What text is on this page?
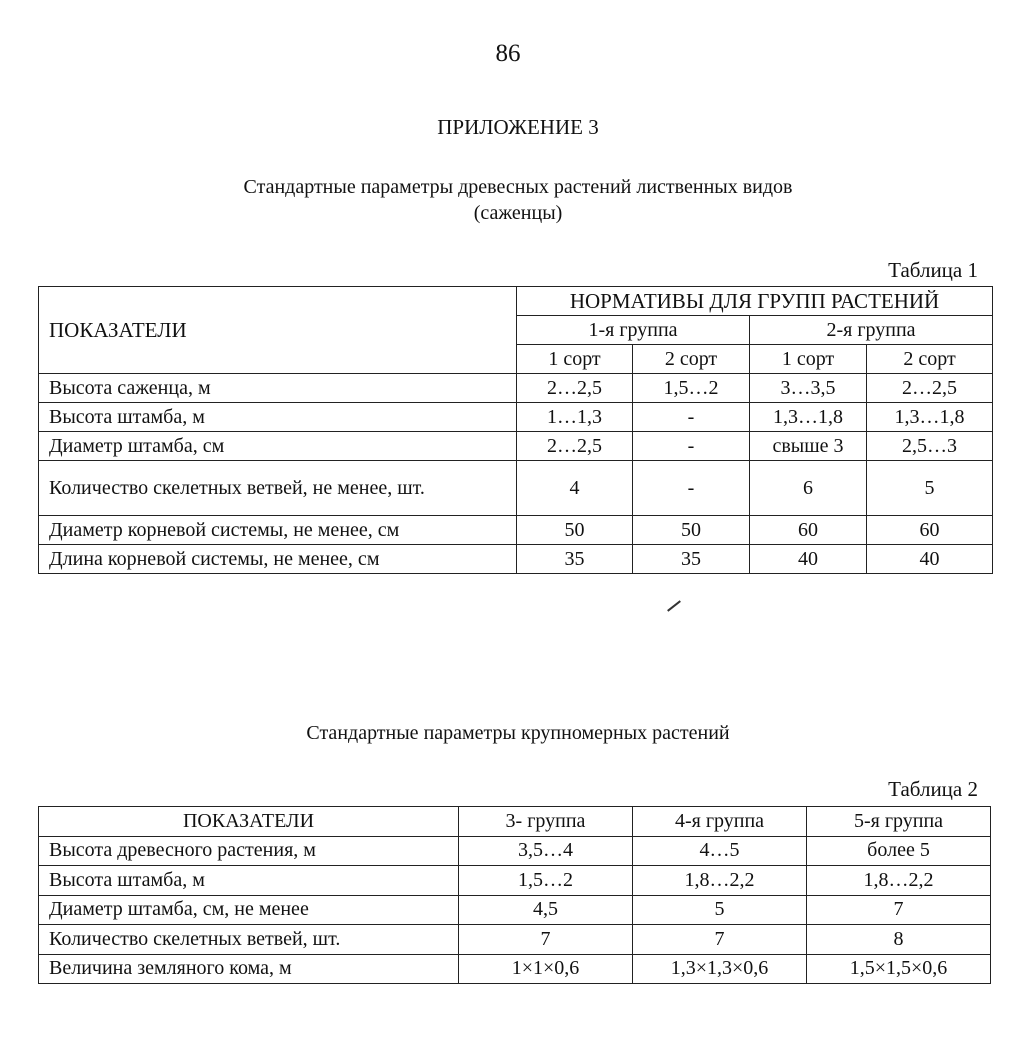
86
ПРИЛОЖЕНИЕ 3
Стандартные параметры древесных растений лиственных видов
(саженцы)
Таблица 1
ПОКАЗАТЕЛИ	НОРМАТИВЫ ДЛЯ ГРУПП РАСТЕНИЙ			
	1-я группа		2-я группа	
	1 сорт	2 сорт	1 сорт	2 сорт
Высота саженца, м	2…2,5	1,5…2	3…3,5	2…2,5
Высота штамба, м	1…1,3	-	1,3…1,8	1,3…1,8
Диаметр штамба, см	2…2,5	-	свыше 3	2,5…3
Количество скелетных ветвей, не менее, шт.	4	-	6	5
Диаметр корневой системы, не менее, см	50	50	60	60
Длина корневой системы, не менее, см	35	35	40	40
Стандартные параметры крупномерных растений
Таблица 2
ПОКАЗАТЕЛИ	3- группа	4-я группа	5-я группа
Высота древесного растения, м	3,5…4	4…5	более 5
Высота штамба, м	1,5…2	1,8…2,2	1,8…2,2
Диаметр штамба, см, не менее	4,5	5	7
Количество скелетных ветвей, шт.	7	7	8
Величина земляного кома, м	1×1×0,6	1,3×1,3×0,6	1,5×1,5×0,6
